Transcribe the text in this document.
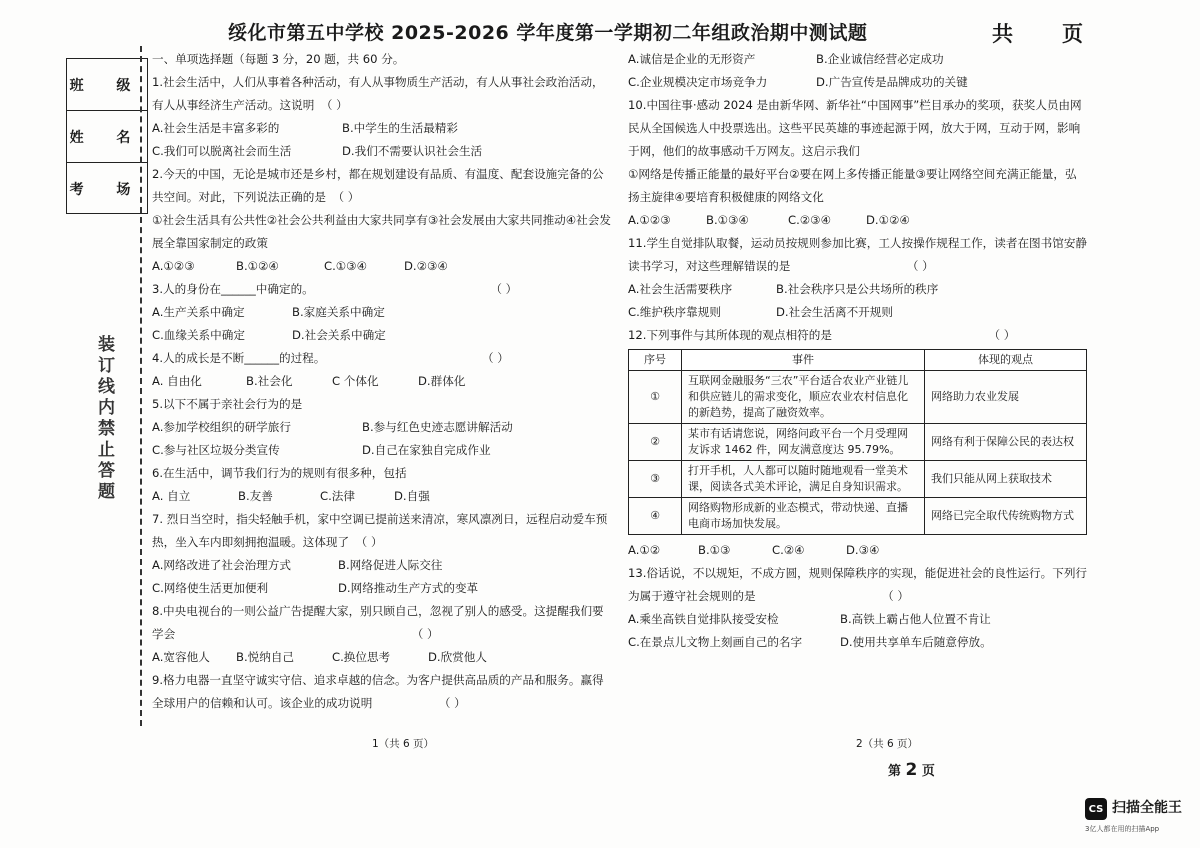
绥化市第五中学校 2025-2026 学年度第一学期初二年组政治期中测试题	共 页
班 级
姓 名
考 场
装订线内禁止答题

一、单项选择题（每题 3 分，20 题，共 60 分。

1.社会生活中，人们从事着各种活动，有人从事物质生产活动，有人从事社会政治活动，有人从事经济生产活动。这说明 （ ）

A.社会生活是丰富多彩的	B.中学生的生活最精彩

C.我们可以脱离社会而生活	D.我们不需要认识社会生活

2.今天的中国，无论是城市还是乡村，都在规划建设有品质、有温度、配套设施完备的公共空间。对此，下列说法正确的是 （ ）

①社会生活具有公共性②社会公共利益由大家共同享有③社会发展由大家共同推动④社会发展全靠国家制定的政策

A.①②③	B.①②④	C.①③④	D.②③④

3.人的身份在______中确定的。	（ ）

A.生产关系中确定	B.家庭关系中确定

C.血缘关系中确定	D.社会关系中确定

4.人的成长是不断______的过程。	（ ）

A. 自由化	B.社会化	C 个体化	D.群体化

5.以下不属于亲社会行为的是

A.参加学校组织的研学旅行	B.参与红色史迹志愿讲解活动

C.参与社区垃圾分类宣传	D.自己在家独自完成作业

6.在生活中，调节我们行为的规则有很多种，包括

A. 自立	B.友善	C.法律	D.自强

7. 烈日当空时，指尖轻触手机，家中空调已提前送来清凉，寒风凛冽日，远程启动爱车预热，坐入车内即刻拥抱温暖。这体现了 （ ）

A.网络改进了社会治理方式	B.网络促进人际交往

C.网络使生活更加便利	D.网络推动生产方式的变革

8.中央电视台的一则公益广告提醒大家，别只顾自己，忽视了别人的感受。这提醒我们要学会	（ ）

A.宽容他人	B.悦纳自己	C.换位思考	D.欣赏他人

9.格力电器一直坚守诚实守信、追求卓越的信念。为客户提供高品质的产品和服务。赢得全球用户的信赖和认可。该企业的成功说明	（ ）

1（共 6 页）

A.诚信是企业的无形资产	B.企业诚信经营必定成功

C.企业规模决定市场竞争力	D.广告宣传是品牌成功的关键

10.中国往事·感动 2024 是由新华网、新华社“中国网事”栏目承办的奖项，获奖人员由网民从全国候选人中投票选出。这些平民英雄的事迹起源于网，放大于网，互动于网，影响于网，他们的故事感动千万网友。这启示我们

①网络是传播正能量的最好平台②要在网上多传播正能量③要让网络空间充满正能量，弘扬主旋律④要培育积极健康的网络文化

A.①②③	B.①③④	C.②③④	D.①②④

11.学生自觉排队取餐，运动员按规则参加比赛，工人按操作规程工作，读者在图书馆安静读书学习，对这些理解错误的是	（ ）

A.社会生活需要秩序	B.社会秩序只是公共场所的秩序

C.维护秩序靠规则	D.社会生活离不开规则

12.下列事件与其所体现的观点相符的是	（ ）

序号	事件	体现的观点
①	互联网金融服务“三农”平台适合农业产业链儿和供应链儿的需求变化，顺应农业农村信息化的新趋势，提高了融资效率。	网络助力农业发展
②	某市有话请您说，网络问政平台一个月受理网友诉求 1462 件，网友满意度达 95.79%。	网络有利于保障公民的表达权
③	打开手机，人人都可以随时随地观看一堂美术课，阅读各式美术评论，满足自身知识需求。	我们只能从网上获取技术
④	网络购物形成新的业态模式，带动快递、直播电商市场加快发展。	网络已完全取代传统购物方式

A.①②	B.①③	C.②④	D.③④

13.俗话说，不以规矩，不成方圆，规则保障秩序的实现，能促进社会的良性运行。下列行为属于遵守社会规则的是	（ ）

A.乘坐高铁自觉排队接受安检	B.高铁上霸占他人位置不肯让

C.在景点儿文物上刻画自己的名字	D.使用共享单车后随意停放。

2（共 6 页）
第 2 页
CS 扫描全能王
3亿人都在用的扫描App
